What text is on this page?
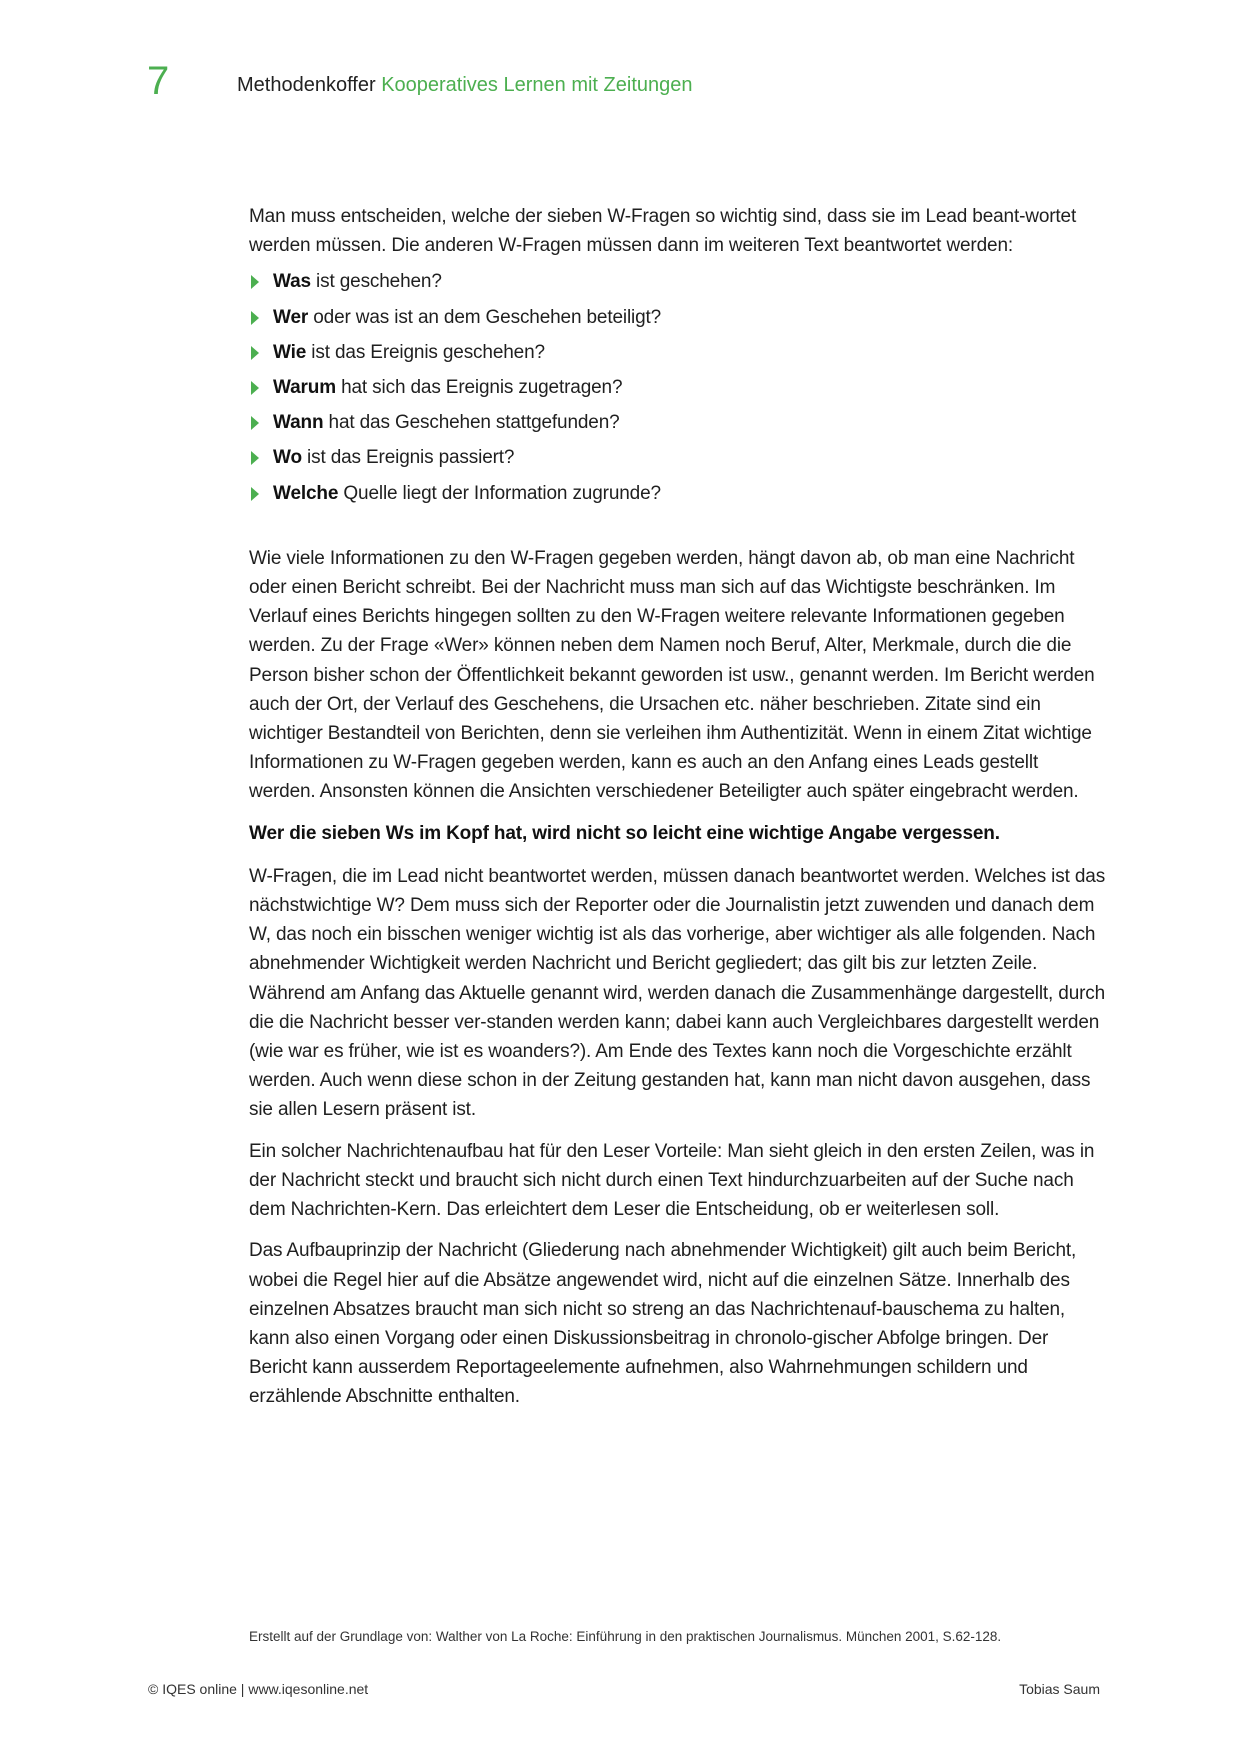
7	Methodenkoffer Kooperatives Lernen mit Zeitungen

Man muss entscheiden, welche der sieben W-Fragen so wichtig sind, dass sie im Lead beant-wortet werden müssen. Die anderen W-Fragen müssen dann im weiteren Text beantwortet werden:

Was ist geschehen?
Wer oder was ist an dem Geschehen beteiligt?
Wie ist das Ereignis geschehen?
Warum hat sich das Ereignis zugetragen?
Wann hat das Geschehen stattgefunden?
Wo ist das Ereignis passiert?
Welche Quelle liegt der Information zugrunde?

Wie viele Informationen zu den W-Fragen gegeben werden, hängt davon ab, ob man eine Nachricht oder einen Bericht schreibt. Bei der Nachricht muss man sich auf das Wichtigste beschränken. Im Verlauf eines Berichts hingegen sollten zu den W-Fragen weitere relevante Informationen gegeben werden. Zu der Frage «Wer» können neben dem Namen noch Beruf, Alter, Merkmale, durch die die Person bisher schon der Öffentlichkeit bekannt geworden ist usw., genannt werden. Im Bericht werden auch der Ort, der Verlauf des Geschehens, die Ursachen etc. näher beschrieben. Zitate sind ein wichtiger Bestandteil von Berichten, denn sie verleihen ihm Authentizität. Wenn in einem Zitat wichtige Informationen zu W-Fragen gegeben werden, kann es auch an den Anfang eines Leads gestellt werden. Ansonsten können die Ansichten verschiedener Beteiligter auch später eingebracht werden.

Wer die sieben Ws im Kopf hat, wird nicht so leicht eine wichtige Angabe vergessen.

W-Fragen, die im Lead nicht beantwortet werden, müssen danach beantwortet werden. Welches ist das nächstwichtige W? Dem muss sich der Reporter oder die Journalistin jetzt zuwenden und danach dem W, das noch ein bisschen weniger wichtig ist als das vorherige, aber wichtiger als alle folgenden. Nach abnehmender Wichtigkeit werden Nachricht und Bericht gegliedert; das gilt bis zur letzten Zeile. Während am Anfang das Aktuelle genannt wird, werden danach die Zusammenhänge dargestellt, durch die die Nachricht besser ver-standen werden kann; dabei kann auch Vergleichbares dargestellt werden (wie war es früher, wie ist es woanders?). Am Ende des Textes kann noch die Vorgeschichte erzählt werden. Auch wenn diese schon in der Zeitung gestanden hat, kann man nicht davon ausgehen, dass sie allen Lesern präsent ist.

Ein solcher Nachrichtenaufbau hat für den Leser Vorteile: Man sieht gleich in den ersten Zeilen, was in der Nachricht steckt und braucht sich nicht durch einen Text hindurchzuarbeiten auf der Suche nach dem Nachrichten-Kern. Das erleichtert dem Leser die Entscheidung, ob er weiterlesen soll.

Das Aufbauprinzip der Nachricht (Gliederung nach abnehmender Wichtigkeit) gilt auch beim Bericht, wobei die Regel hier auf die Absätze angewendet wird, nicht auf die einzelnen Sätze. Innerhalb des einzelnen Absatzes braucht man sich nicht so streng an das Nachrichtenauf-bauschema zu halten, kann also einen Vorgang oder einen Diskussionsbeitrag in chronolo-gischer Abfolge bringen. Der Bericht kann ausserdem Reportageelemente aufnehmen, also Wahrnehmungen schildern und erzählende Abschnitte enthalten.

Erstellt auf der Grundlage von: Walther von La Roche: Einführung in den praktischen Journalismus. München 2001, S.62-128.
© IQES online | www.iqesonline.net	Tobias Saum
